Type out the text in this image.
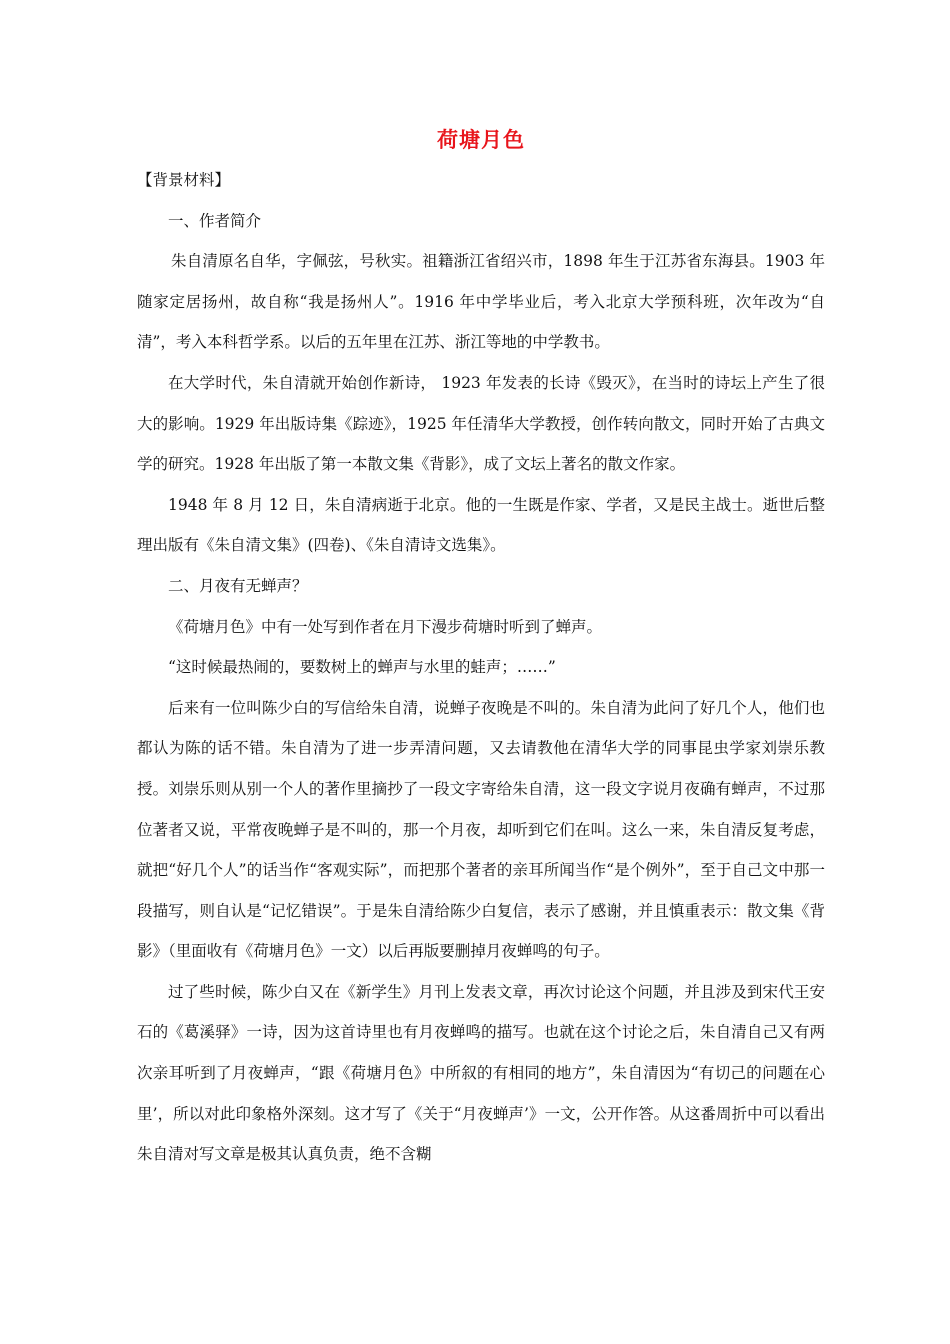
荷塘月色

【背景材料】

一、作者简介

朱自清原名自华，字佩弦，号秋实。祖籍浙江省绍兴市，1898 年生于江苏省东海县。1903 年随家定居扬州，故自称“我是扬州人”。1916 年中学毕业后，考入北京大学预科班，次年改为“自清”，考入本科哲学系。以后的五年里在江苏、浙江等地的中学教书。

在大学时代，朱自清就开始创作新诗， 1923 年发表的长诗《毁灭》，在当时的诗坛上产生了很大的影响。1929 年出版诗集《踪迹》，1925 年任清华大学教授，创作转向散文，同时开始了古典文学的研究。1928 年出版了第一本散文集《背影》，成了文坛上著名的散文作家。

1948 年 8 月 12 日，朱自清病逝于北京。他的一生既是作家、学者，又是民主战士。逝世后整理出版有《朱自清文集》(四卷)、《朱自清诗文选集》。

二、月夜有无蝉声？

《荷塘月色》中有一处写到作者在月下漫步荷塘时听到了蝉声。

“这时候最热闹的，要数树上的蝉声与水里的蛙声；……”

后来有一位叫陈少白的写信给朱自清，说蝉子夜晚是不叫的。朱自清为此问了好几个人，他们也都认为陈的话不错。朱自清为了进一步弄清问题，又去请教他在清华大学的同事昆虫学家刘崇乐教授。刘崇乐则从别一个人的著作里摘抄了一段文字寄给朱自清，这一段文字说月夜确有蝉声，不过那位著者又说，平常夜晚蝉子是不叫的，那一个月夜，却听到它们在叫。这么一来，朱自清反复考虑，就把“好几个人”的话当作“客观实际”，而把那个著者的亲耳所闻当作“是个例外”，至于自己文中那一段描写，则自认是“记忆错误”。于是朱自清给陈少白复信，表示了感谢，并且慎重表示：散文集《背影》（里面收有《荷塘月色》一文）以后再版要删掉月夜蝉鸣的句子。

过了些时候，陈少白又在《新学生》月刊上发表文章，再次讨论这个问题，并且涉及到宋代王安石的《葛溪驿》一诗，因为这首诗里也有月夜蝉鸣的描写。也就在这个讨论之后，朱自清自己又有两次亲耳听到了月夜蝉声，“跟《荷塘月色》中所叙的有相同的地方”，朱自清因为“有切己的问题在心里’，所以对此印象格外深刻。这才写了《关于“月夜蝉声’》一文，公开作答。从这番周折中可以看出朱自清对写文章是极其认真负责，绝不含糊
